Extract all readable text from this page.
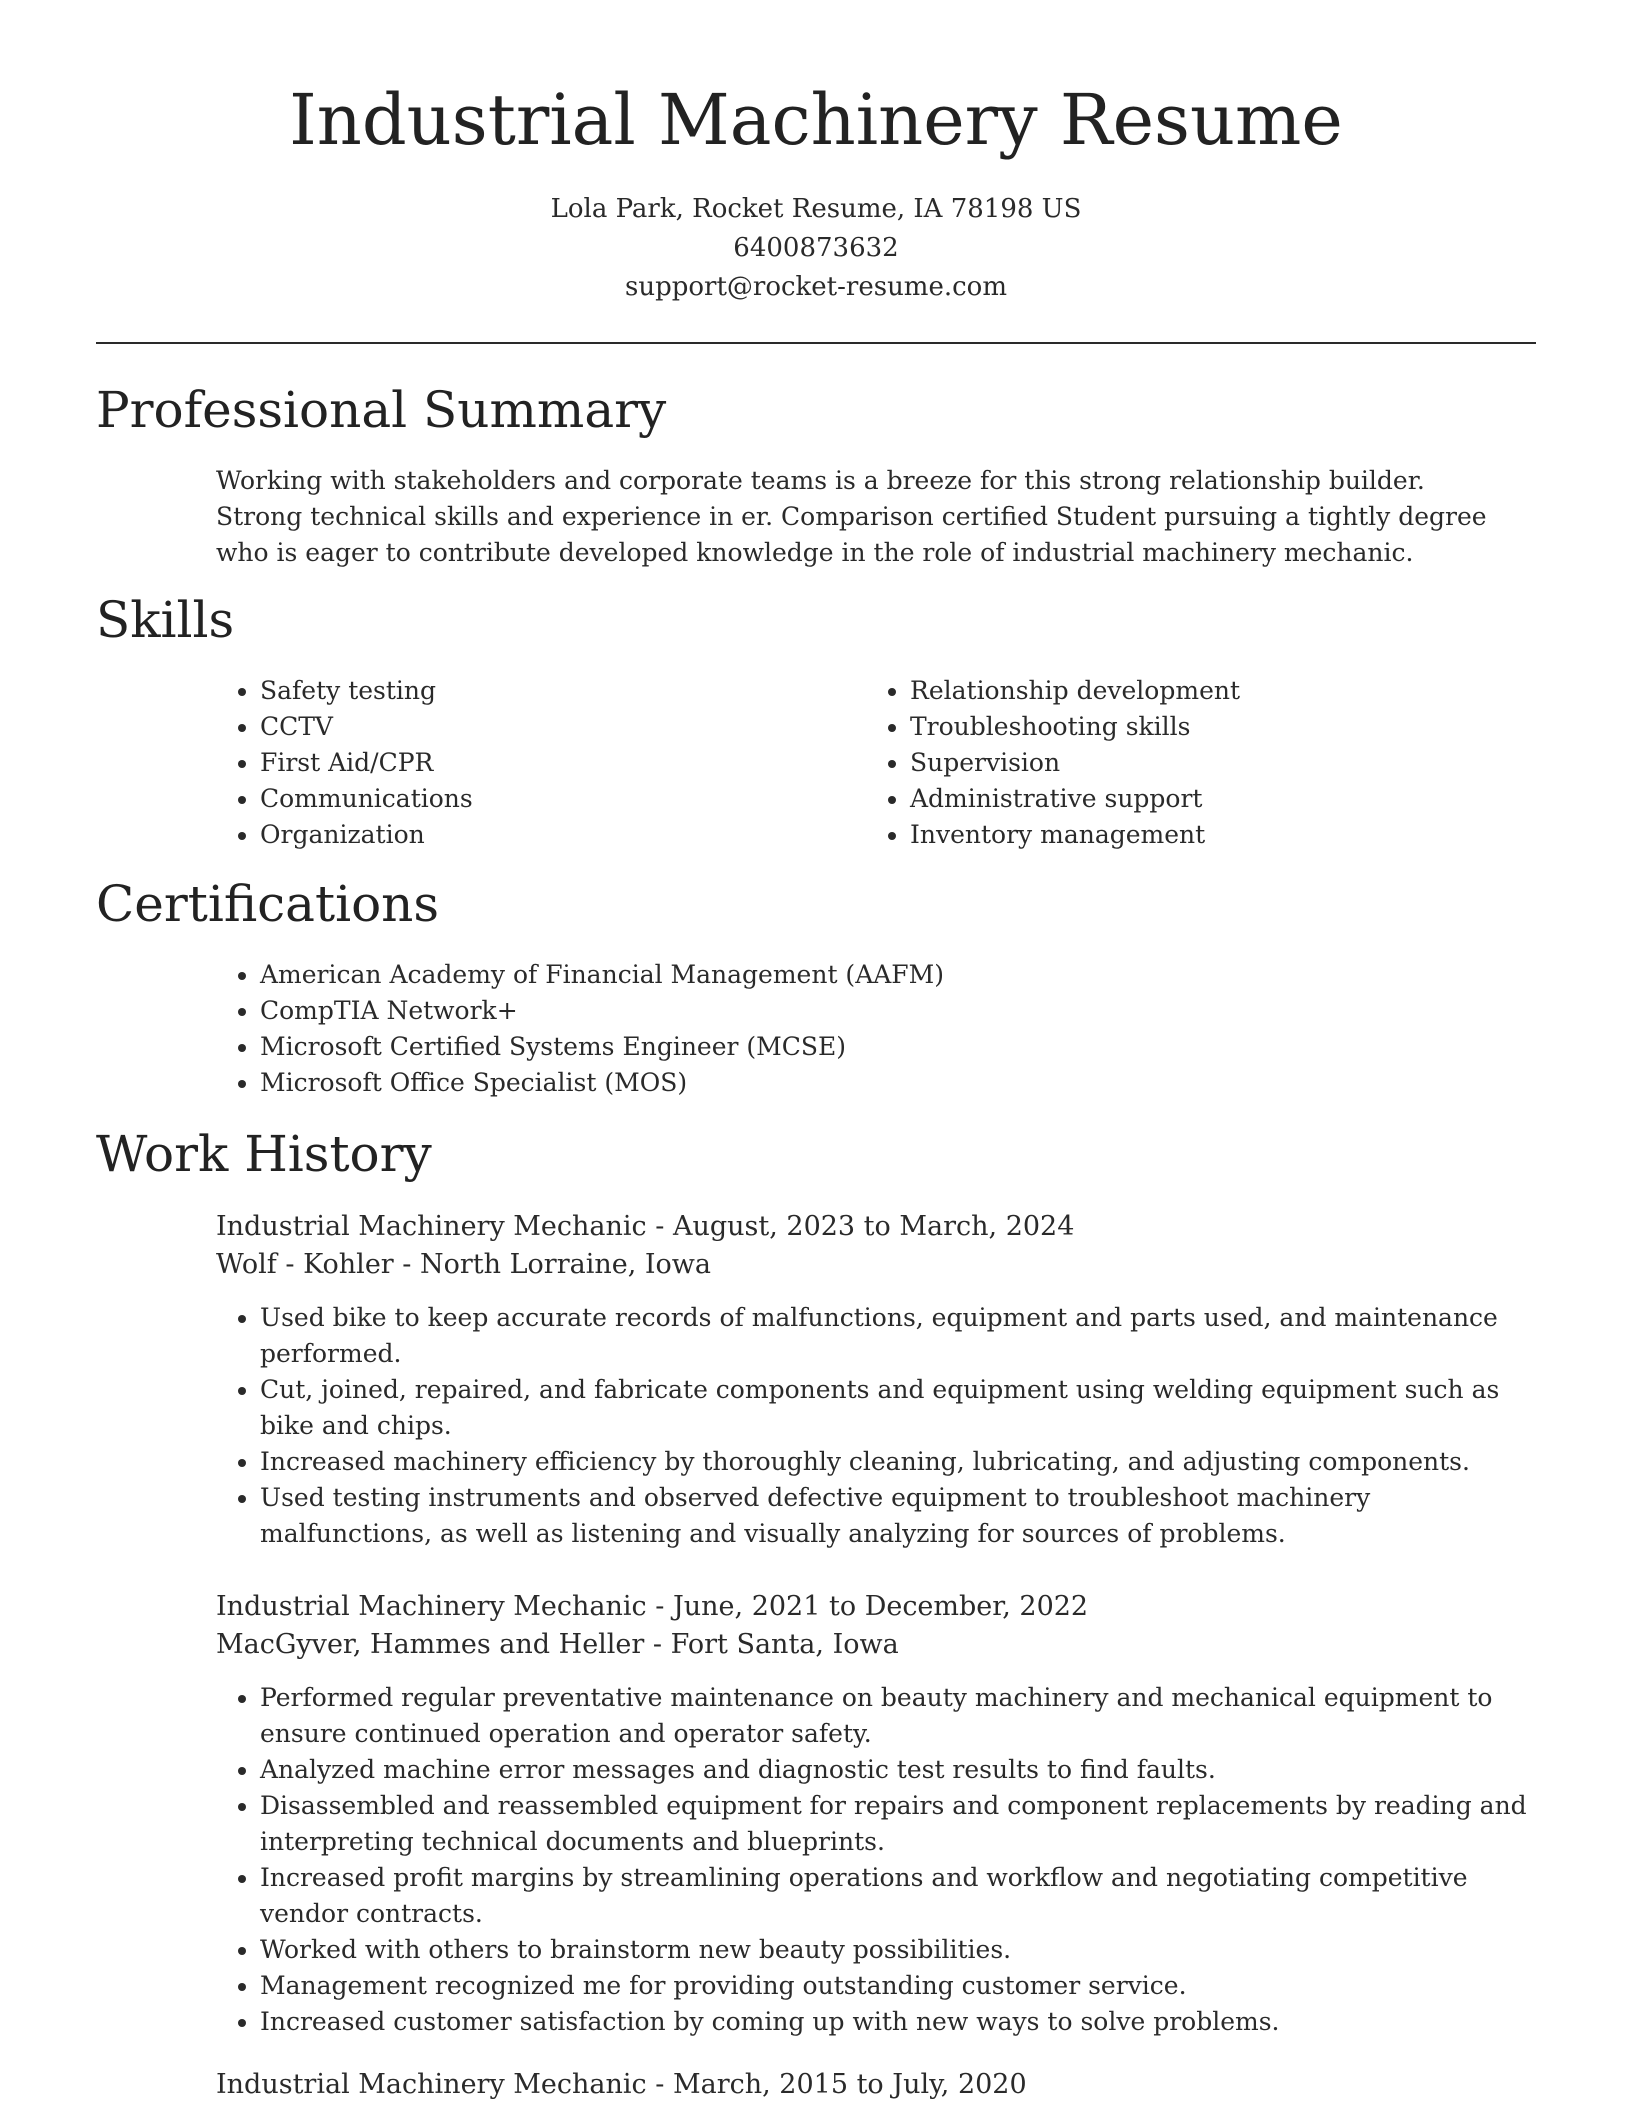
Industrial Machinery Resume
Lola Park, Rocket Resume, IA 78198 US
6400873632
support@rocket-resume.com
Professional Summary

Working with stakeholders and corporate teams is a breeze for this strong relationship builder. Strong technical skills and experience in er. Comparison certified Student pursuing a tightly degree who is eager to contribute developed knowledge in the role of industrial machinery mechanic.

Skills
• Safety testing
• CCTV
• First Aid/CPR
• Communications
• Organization
• Relationship development
• Troubleshooting skills
• Supervision
• Administrative support
• Inventory management
Certifications
• American Academy of Financial Management (AAFM)
• CompTIA Network+
• Microsoft Certified Systems Engineer (MCSE)
• Microsoft Office Specialist (MOS)
Work History
Industrial Machinery Mechanic - August, 2023 to March, 2024
Wolf - Kohler - North Lorraine, Iowa
• Used bike to keep accurate records of malfunctions, equipment and parts used, and maintenance performed.
• Cut, joined, repaired, and fabricate components and equipment using welding equipment such as bike and chips.
• Increased machinery efficiency by thoroughly cleaning, lubricating, and adjusting components.
• Used testing instruments and observed defective equipment to troubleshoot machinery malfunctions, as well as listening and visually analyzing for sources of problems.
Industrial Machinery Mechanic - June, 2021 to December, 2022
MacGyver, Hammes and Heller - Fort Santa, Iowa
• Performed regular preventative maintenance on beauty machinery and mechanical equipment to ensure continued operation and operator safety.
• Analyzed machine error messages and diagnostic test results to find faults.
• Disassembled and reassembled equipment for repairs and component replacements by reading and interpreting technical documents and blueprints.
• Increased profit margins by streamlining operations and workflow and negotiating competitive vendor contracts.
• Worked with others to brainstorm new beauty possibilities.
• Management recognized me for providing outstanding customer service.
• Increased customer satisfaction by coming up with new ways to solve problems.
Industrial Machinery Mechanic - March, 2015 to July, 2020
